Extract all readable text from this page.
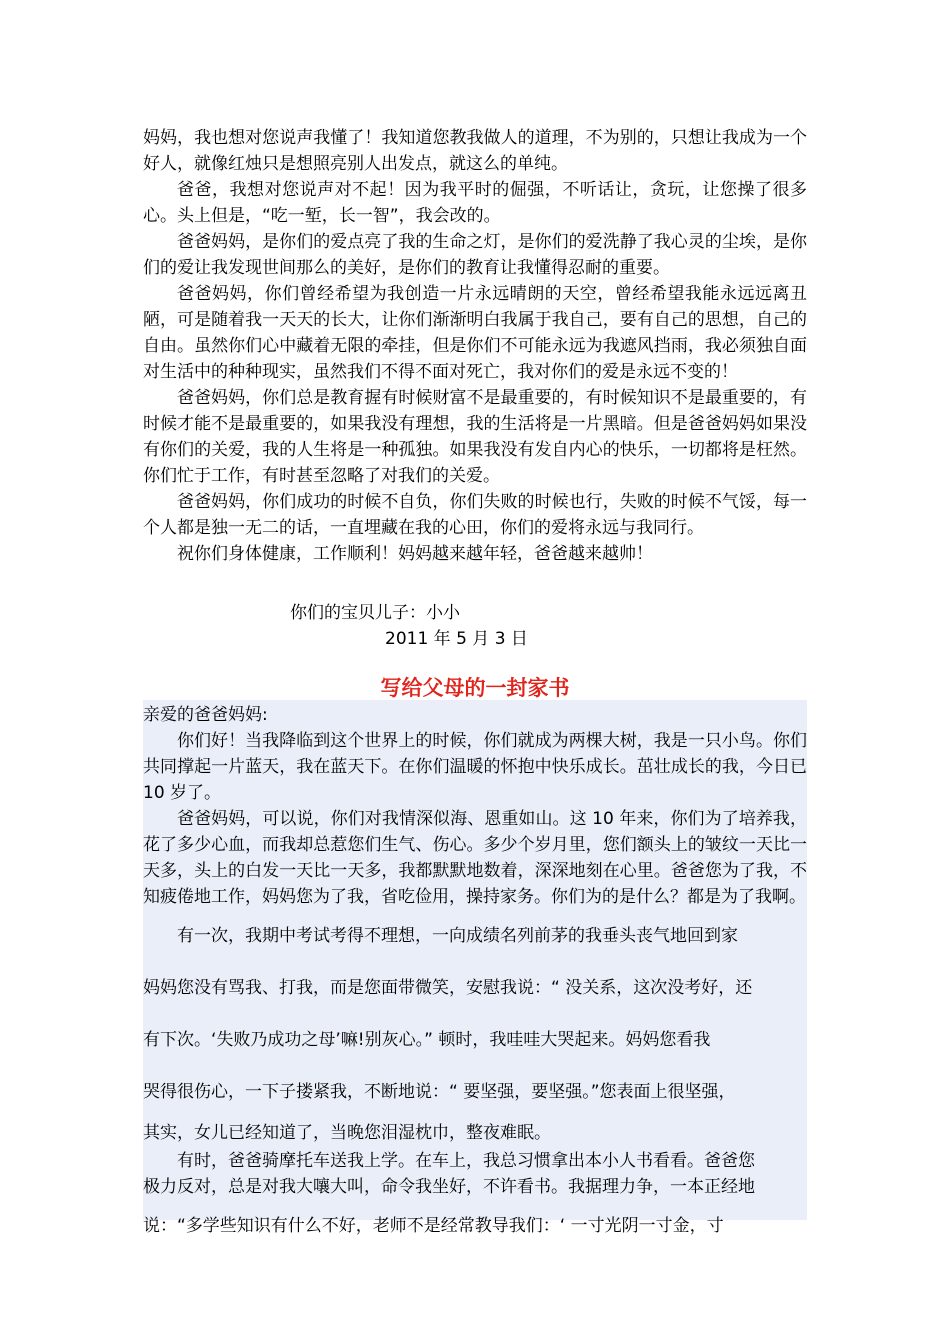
妈妈，我也想对您说声我懂了！我知道您教我做人的道理，不为别的，只想让我成为一个好人，就像红烛只是想照亮别人出发点，就这么的单纯。

爸爸，我想对您说声对不起！因为我平时的倔强，不听话让，贪玩，让您操了很多心。头上但是，“吃一堑，长一智”，我会改的。

爸爸妈妈，是你们的爱点亮了我的生命之灯，是你们的爱洗静了我心灵的尘埃，是你们的爱让我发现世间那么的美好，是你们的教育让我懂得忍耐的重要。

爸爸妈妈，你们曾经希望为我创造一片永远晴朗的天空，曾经希望我能永远远离丑陋，可是随着我一天天的长大，让你们渐渐明白我属于我自己，要有自己的思想，自己的自由。虽然你们心中藏着无限的牵挂，但是你们不可能永远为我遮风挡雨，我必须独自面对生活中的种种现实，虽然我们不得不面对死亡，我对你们的爱是永远不变的！

爸爸妈妈，你们总是教育握有时候财富不是最重要的，有时候知识不是最重要的，有时候才能不是最重要的，如果我没有理想，我的生活将是一片黑暗。但是爸爸妈妈如果没有你们的关爱，我的人生将是一种孤独。如果我没有发自内心的快乐，一切都将是枉然。你们忙于工作，有时甚至忽略了对我们的关爱。

爸爸妈妈，你们成功的时候不自负，你们失败的时候也行，失败的时候不气馁，每一个人都是独一无二的话，一直埋藏在我的心田，你们的爱将永远与我同行。

祝你们身体健康，工作顺利！妈妈越来越年轻，爸爸越来越帅！

你们的宝贝儿子：小小
2011 年 5 月 3 日
写给父母的一封家书

亲爱的爸爸妈妈:

你们好！当我降临到这个世界上的时候，你们就成为两棵大树，我是一只小鸟。你们共同撑起一片蓝天，我在蓝天下。在你们温暖的怀抱中快乐成长。茁壮成长的我，今日已 10 岁了。

爸爸妈妈，可以说，你们对我情深似海、恩重如山。这 10 年来，你们为了培养我，花了多少心血，而我却总惹您们生气、伤心。多少个岁月里，您们额头上的皱纹一天比一天多，头上的白发一天比一天多，我都默默地数着，深深地刻在心里。爸爸您为了我，不知疲倦地工作，妈妈您为了我，省吃俭用，操持家务。你们为的是什么？都是为了我啊。

有一次，我期中考试考得不理想，一向成绩名列前茅的我垂头丧气地回到家

妈妈您没有骂我、打我，而是您面带微笑，安慰我说：“ 没关系，这次没考好，还

有下次。‘失败乃成功之母’嘛!别灰心。” 顿时，我哇哇大哭起来。妈妈您看我

哭得很伤心，一下子搂紧我，不断地说：“ 要坚强，要坚强。”您表面上很坚强，

其实，女儿已经知道了，当晚您泪湿枕巾，整夜难眠。

有时，爸爸骑摩托车送我上学。在车上，我总习惯拿出本小人书看看。爸爸您

极力反对，总是对我大嚷大叫，命令我坐好，不许看书。我据理力争，一本正经地

说：“多学些知识有什么不好，老师不是经常教导我们：‘ 一寸光阴一寸金，寸
